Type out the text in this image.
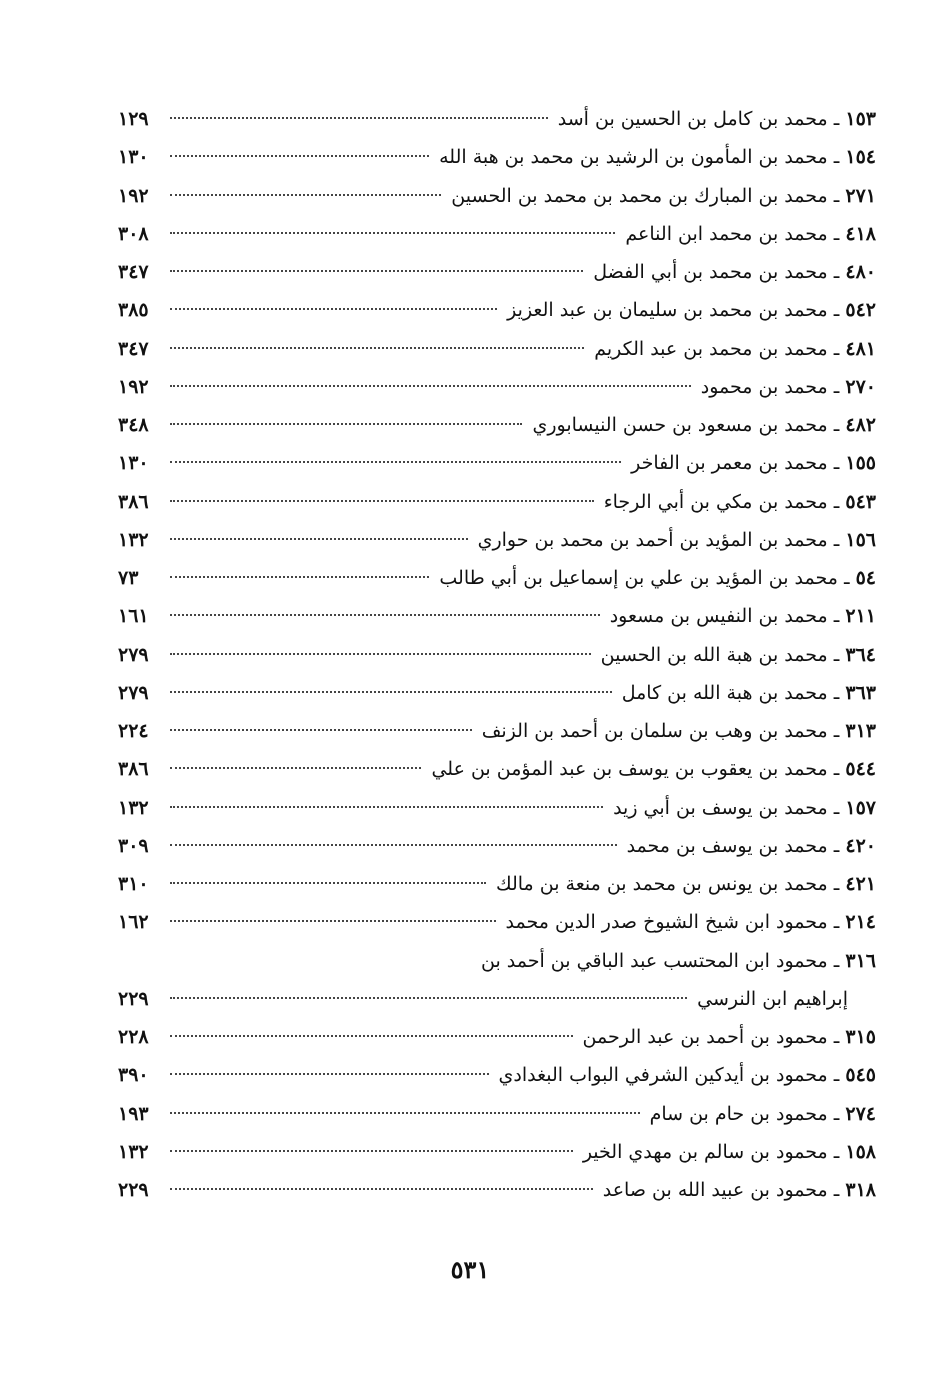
١٥٣ ـ محمد بن كامل بن الحسين بن أسد
١٢٩
١٥٤ ـ محمد بن المأمون بن الرشيد بن محمد بن هبة الله
١٣٠
٢٧١ ـ محمد بن المبارك بن محمد بن محمد بن الحسين
١٩٢
٤١٨ ـ محمد بن محمد ابن الناعم
٣٠٨
٤٨٠ ـ محمد بن محمد بن أبي الفضل
٣٤٧
٥٤٢ ـ محمد بن محمد بن سليمان بن عبد العزيز
٣٨٥
٤٨١ ـ محمد بن محمد بن عبد الكريم
٣٤٧
٢٧٠ ـ محمد بن محمود
١٩٢
٤٨٢ ـ محمد بن مسعود بن حسن النيسابوري
٣٤٨
١٥٥ ـ محمد بن معمر بن الفاخر
١٣٠
٥٤٣ ـ محمد بن مكي بن أبي الرجاء
٣٨٦
١٥٦ ـ محمد بن المؤيد بن أحمد بن محمد بن حواري
١٣٢
٥٤ ـ محمد بن المؤيد بن علي بن إسماعيل بن أبي طالب
٧٣
٢١١ ـ محمد بن النفيس بن مسعود
١٦١
٣٦٤ ـ محمد بن هبة الله بن الحسين
٢٧٩
٣٦٣ ـ محمد بن هبة الله بن كامل
٢٧٩
٣١٣ ـ محمد بن وهب بن سلمان بن أحمد بن الزنف
٢٢٤
٥٤٤ ـ محمد بن يعقوب بن يوسف بن عبد المؤمن بن علي
٣٨٦
١٥٧ ـ محمد بن يوسف بن أبي زيد
١٣٢
٤٢٠ ـ محمد بن يوسف بن محمد
٣٠٩
٤٢١ ـ محمد بن يونس بن محمد بن منعة بن مالك
٣١٠
٢١٤ ـ محمود ابن شيخ الشيوخ صدر الدين محمد
١٦٢
٣١٦ ـ محمود ابن المحتسب عبد الباقي بن أحمد بن
إبراهيم ابن النرسي
٢٢٩
٣١٥ ـ محمود بن أحمد بن عبد الرحمن
٢٢٨
٥٤٥ ـ محمود بن أيدكين الشرفي البواب البغدادي
٣٩٠
٢٧٤ ـ محمود بن حام بن سام
١٩٣
١٥٨ ـ محمود بن سالم بن مهدي الخير
١٣٢
٣١٨ ـ محمود بن عبيد الله بن صاعد
٢٢٩
٥٣١
